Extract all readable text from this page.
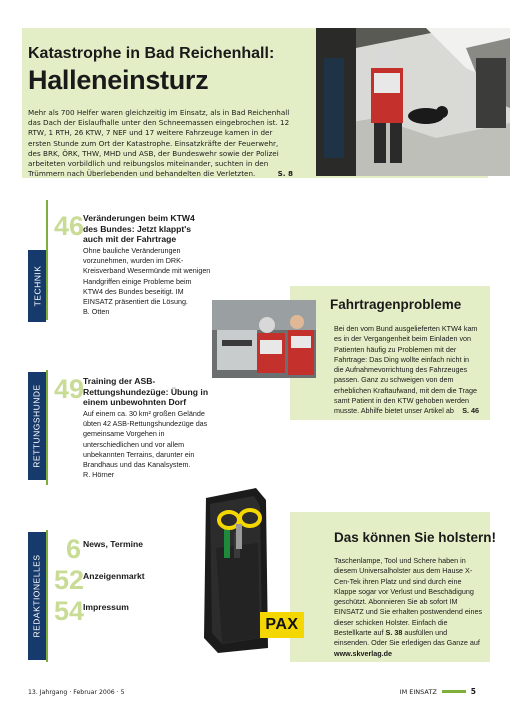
Katastrophe in Bad Reichenhall:
Halleneinsturz
Mehr als 700 Helfer waren gleichzeitig im Einsatz, als in Bad Reichenhall das Dach der Eislaufhalle unter den Schneemassen eingebrochen ist. 12 RTW, 1 RTH, 26 KTW, 7 NEF und 17 weitere Fahrzeuge kamen in der ersten Stunde zum Ort der Katastrophe. Einsatzkräfte der Feuerwehr, des BRK, ÖRK, THW, MHD und ASB, der Bundeswehr sowie der Polizei arbeiteten vorbildlich und reibungslos miteinander, suchten in den Trümmern nach Überlebenden und behandelten die Verletzten.	S. 8
TECHNIK
46
Veränderungen beim KTW4 des Bundes: Jetzt klappt's auch mit der Fahrtrage
Ohne bauliche Veränderungen vorzunehmen, wurden im DRK-Kreisverband Wesermünde mit wenigen Handgriffen einige Probleme beim KTW4 des Bundes beseitigt. IM EINSATZ präsentiert die Lösung.
B. Otten	Fahrtragenprobleme
Bei den vom Bund ausgelieferten KTW4 kam es in der Vergangenheit beim Einladen von Patienten häufig zu Problemen mit der Fahrtrage: Das Ding wollte einfach nicht in die Aufnahmevorrichtung des Fahrzeuges passen. Ganz zu schweigen von dem erheblichen Kraftaufwand, mit dem die Trage samt Patient in den KTW gehoben werden musste. Abhilfe bietet unser Artikel ab S. 46
RETTUNGSHUNDE 49
Training der ASB-Rettungshundezüge: Übung in einem unbewohnten Dorf
Auf einem ca. 30 km² großen Gelände übten 42 ASB-Rettungshundezüge das gemeinsame Vorgehen in unterschiedlichen und vor allem unbekannten Terrains, darunter ein Brandhaus und das Kanalsystem.
R. Hörner
REDAKTIONELLES
6 News, Termine
52
Anzeigenmarkt
54
Impressum
PAX
Das können Sie holstern!
Taschenlampe, Tool und Schere haben in diesem Universalholster aus dem Hause X-Cen-Tek ihren Platz und sind durch eine Klappe sogar vor Verlust und Beschädigung geschützt. Abonnieren Sie ab sofort IM EINSATZ und Sie erhalten postwendend eines dieser schicken Holster. Einfach die Bestellkarte auf S. 38 ausfüllen und einsenden. Oder Sie erledigen das Ganze auf www.skverlag.de
13. Jahrgang · Februar 2006 · 5	IM EINSATZ	5
